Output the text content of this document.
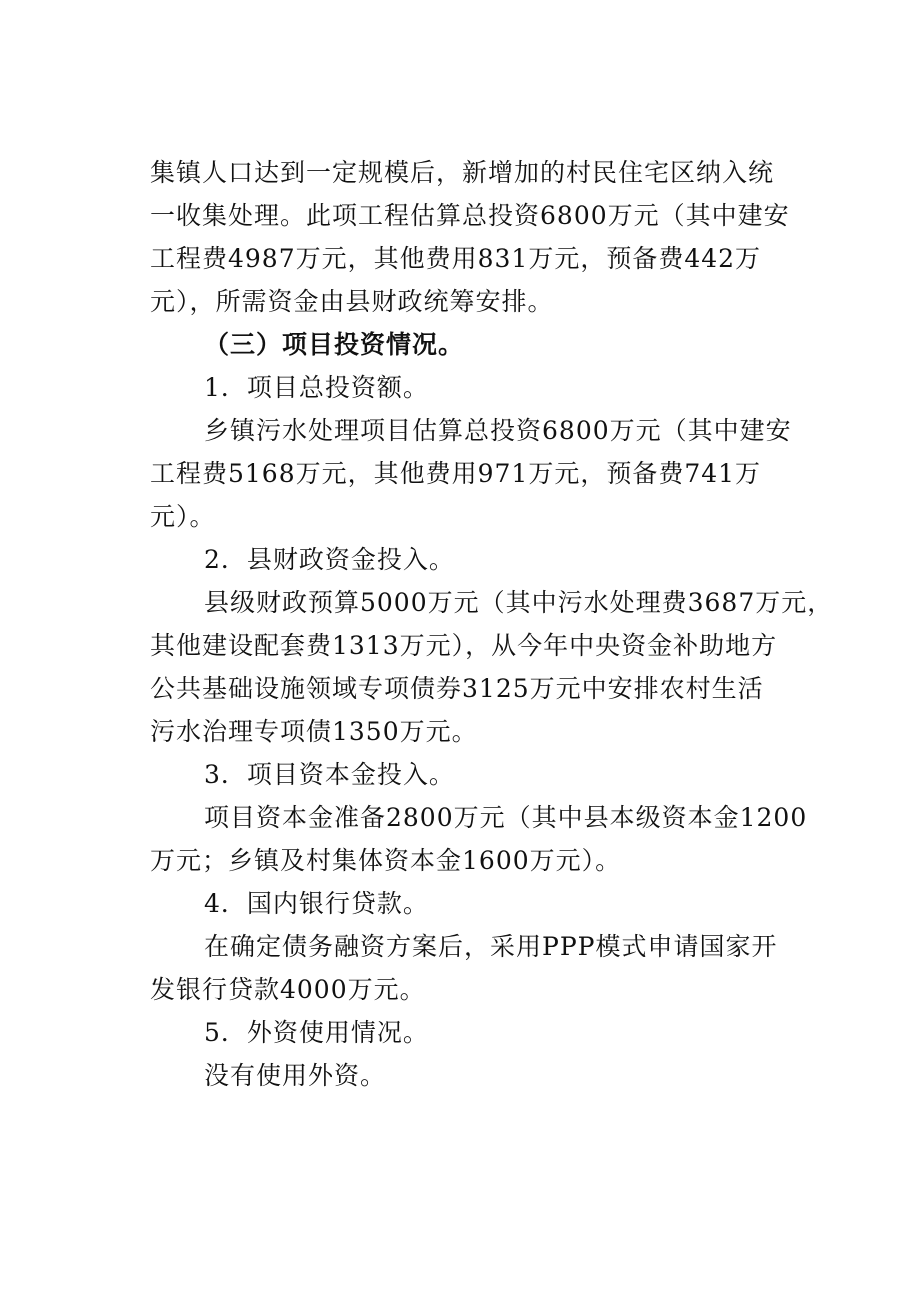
集镇人口达到一定规模后，新增加的村民住宅区纳入统
一收集处理。此项工程估算总投资6800万元（其中建安
工程费4987万元，其他费用831万元，预备费442万
元），所需资金由县财政统筹安排。
（三）项目投资情况。
1．项目总投资额。
乡镇污水处理项目估算总投资6800万元（其中建安
工程费5168万元，其他费用971万元，预备费741万
元）。
2．县财政资金投入。
县级财政预算5000万元（其中污水处理费3687万元，
其他建设配套费1313万元），从今年中央资金补助地方
公共基础设施领域专项债券3125万元中安排农村生活
污水治理专项债1350万元。
3．项目资本金投入。
项目资本金准备2800万元（其中县本级资本金1200
万元；乡镇及村集体资本金1600万元）。
4．国内银行贷款。
在确定债务融资方案后，采用PPP模式申请国家开
发银行贷款4000万元。
5．外资使用情况。
没有使用外资。
